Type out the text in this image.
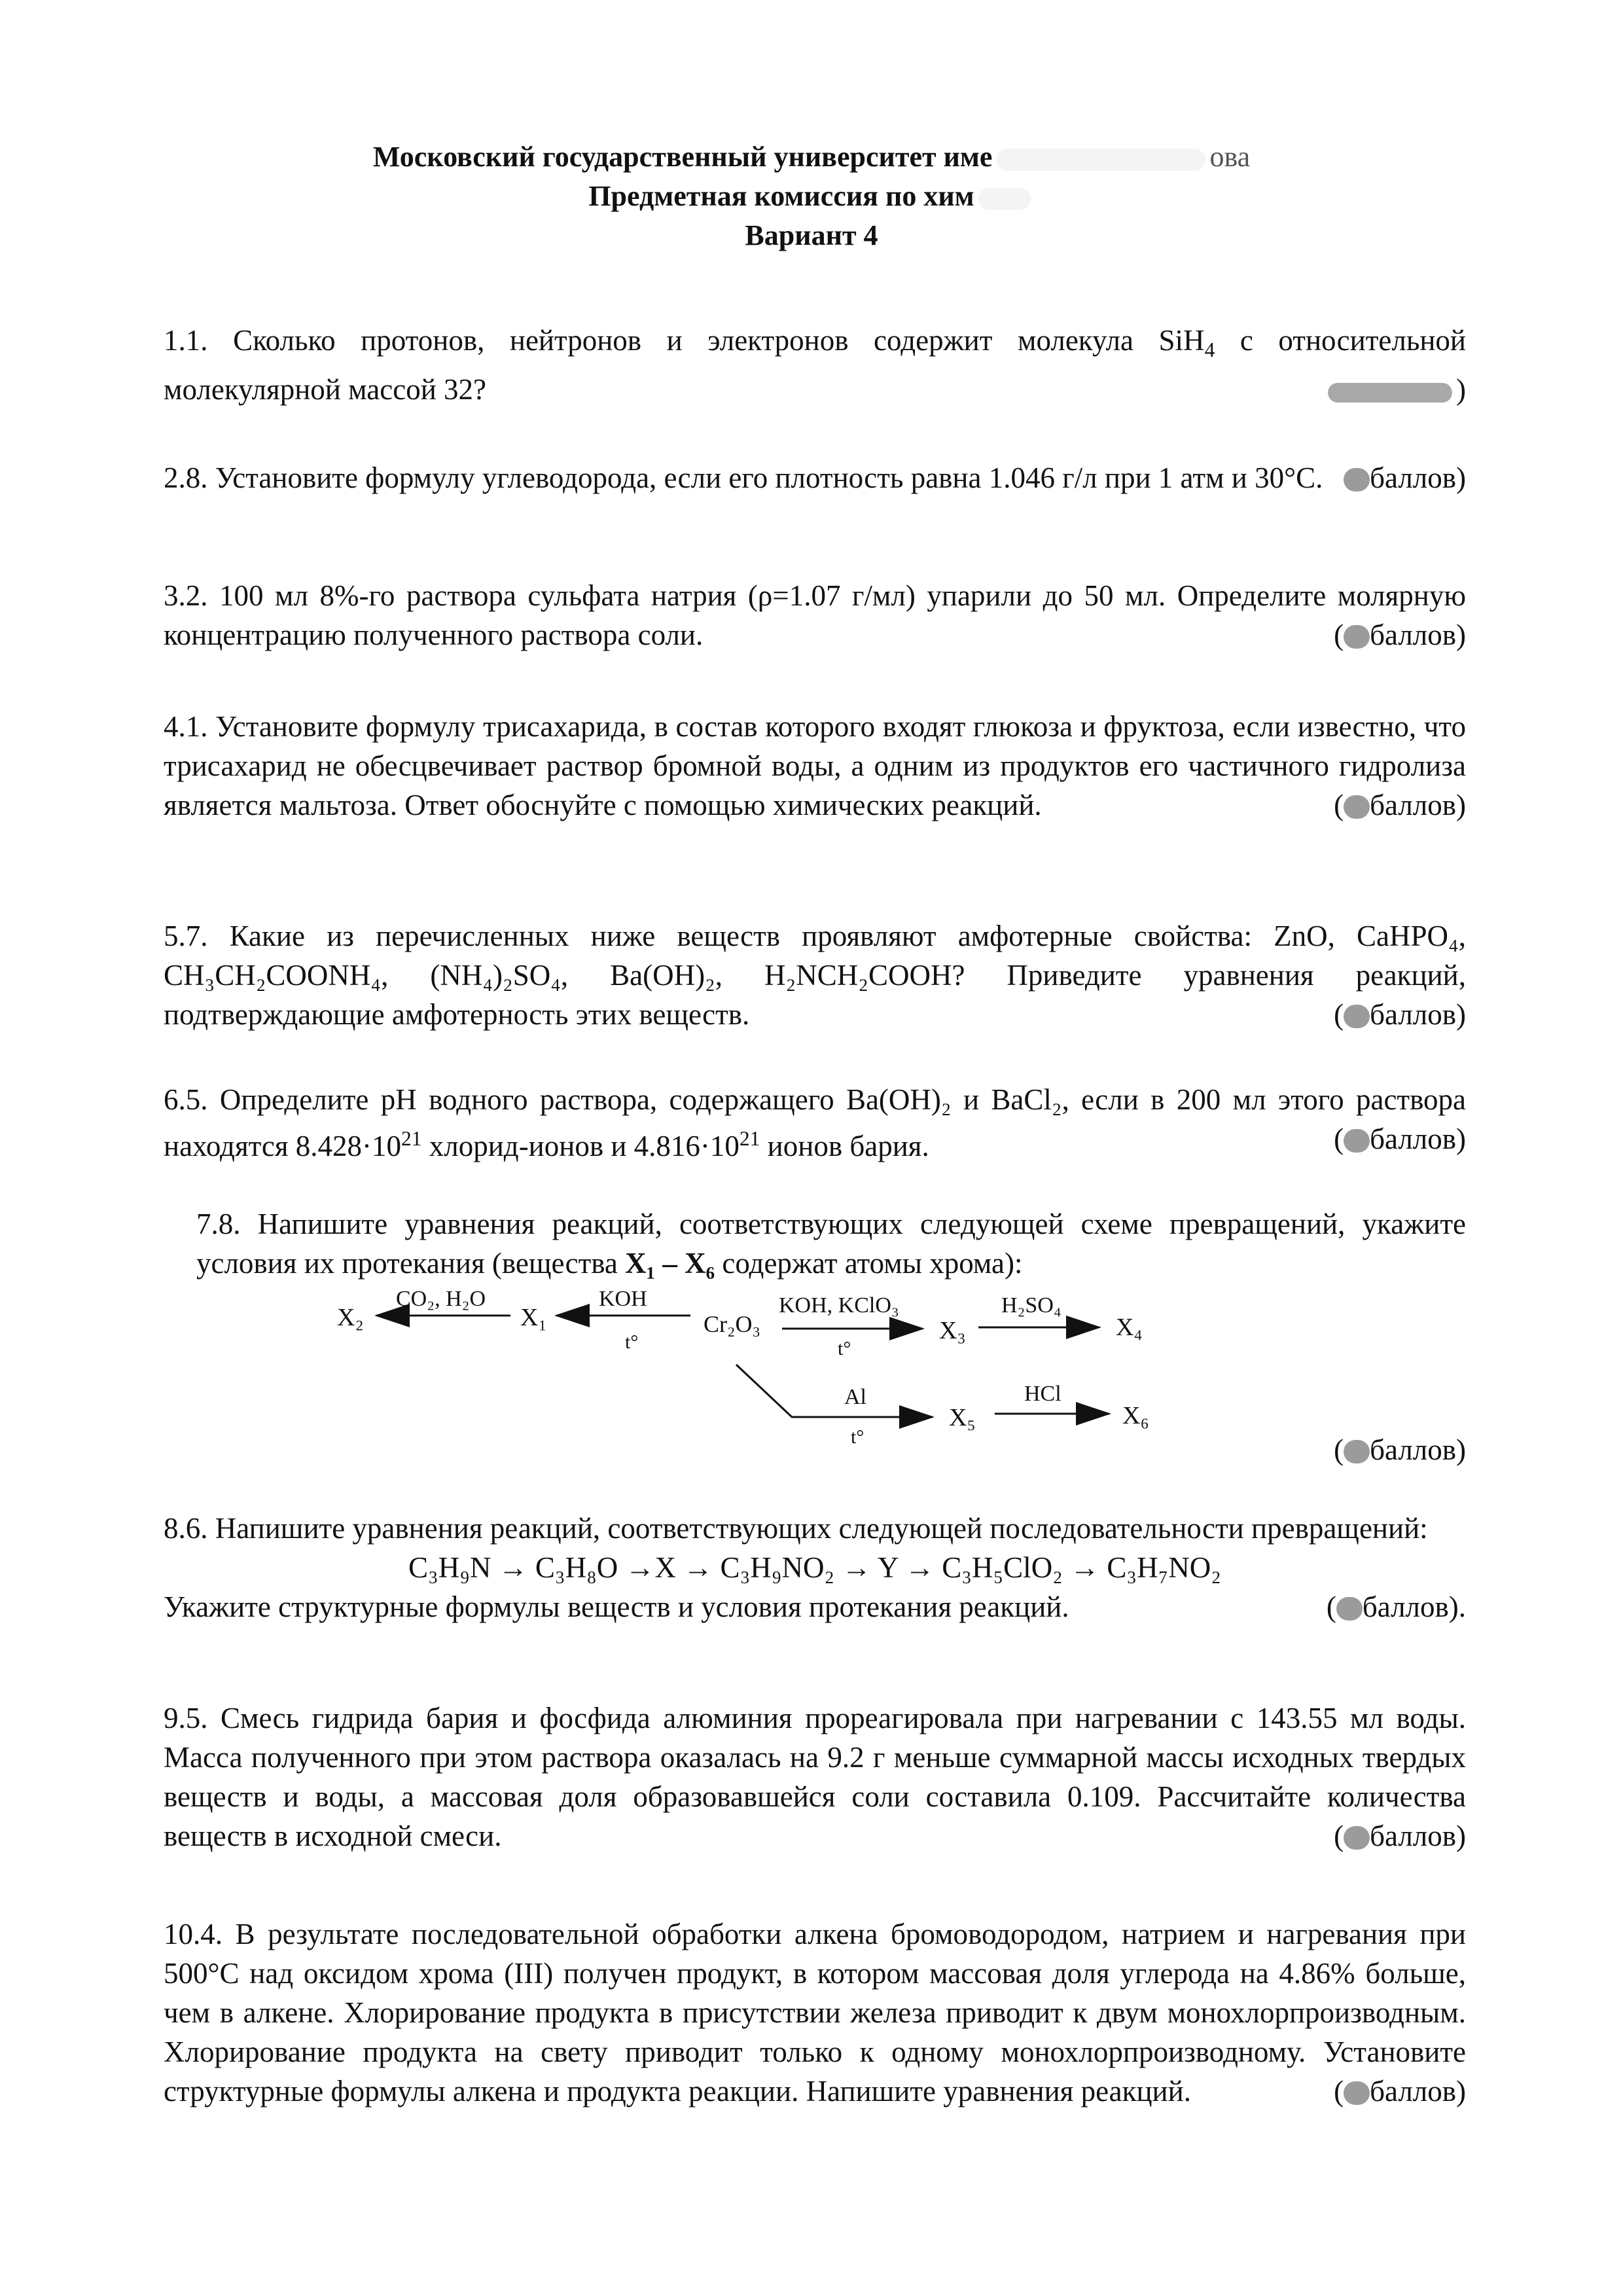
Московский государственный университет име	ова
Предметная комиссия по хим
Вариант 4
1.1. Сколько протонов, нейтронов и электронов содержит молекула SiH$_4$ с относительной молекулярной массой 32?	)
2.8. Установите формулу углеводорода, если его плотность равна 1.046 г/л при 1 атм и 30°С.	баллов)
3.2. 100 мл 8%-го раствора сульфата натрия (ρ=1.07 г/мл) упарили до 50 мл. Определите молярную концентрацию полученного раствора соли.	( баллов)
4.1. Установите формулу трисахарида, в состав которого входят глюкоза и фруктоза, если известно, что трисахарид не обесцвечивает раствор бромной воды, а одним из продуктов его частичного гидролиза является мальтоза. Ответ обоснуйте с помощью химических реакций.	( баллов)
5.7. Какие из перечисленных ниже веществ проявляют амфотерные свойства: ZnO, CaHPO₄, CH₃CH₂COONH₄, (NH₄)₂SO₄, Ba(OH)₂, H₂NCH₂COOH? Приведите уравнения реакций, подтверждающие амфотерность этих веществ.	( баллов)
6.5. Определите pH водного раствора, содержащего Ba(OH)₂ и BaCl₂, если в 200 мл этого раствора находятся $8.428\cdot 10^{21}$ хлорид-ионов и $4.816\cdot 10^{21}$ ионов бария.	( баллов)
7.8. Напишите уравнения реакций, соответствующих следующей схеме превращений, укажите условия их протекания (вещества X₁ – X₆ содержат атомы хрома):
X₂
CO₂, H₂O
X₁
KOH
t°
Cr₂O₃
KOH, KClO₃
t°
X₃
H₂SO₄
X₄
Al
t°
X₅
HCl
X₆
( баллов)
8.6. Напишите уравнения реакций, соответствующих следующей последовательности превращений:
C₃H₉N → C₃H₈O →X → C₃H₉NO₂ → Y → C₃H₅ClO₂ → C₃H₇NO₂
Укажите структурные формулы веществ и условия протекания реакций.	( баллов).
9.5. Смесь гидрида бария и фосфида алюминия прореагировала при нагревании с 143.55 мл воды. Масса полученного при этом раствора оказалась на 9.2 г меньше суммарной массы исходных твердых веществ и воды, а массовая доля образовавшейся соли составила 0.109. Рассчитайте количества веществ в исходной смеси.	( баллов)
10.4. В результате последовательной обработки алкена бромоводородом, натрием и нагревания при 500°С над оксидом хрома (III) получен продукт, в котором массовая доля углерода на 4.86% больше, чем в алкене. Хлорирование продукта в присутствии железа приводит к двум монохлорпроизводным. Хлорирование продукта на свету приводит только к одному монохлорпроизводному. Установите структурные формулы алкена и продукта реакции. Напишите уравнения реакций.	( баллов)
